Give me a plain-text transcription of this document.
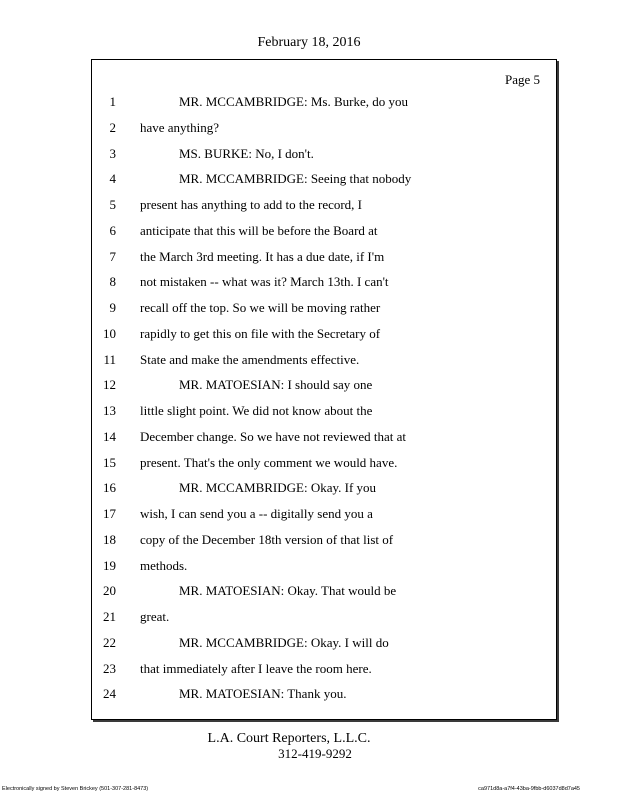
February 18, 2016
Page 5
1	MR. MCCAMBRIDGE: Ms. Burke, do you
2 have anything?
3	MS. BURKE: No, I don't.
4	MR. MCCAMBRIDGE: Seeing that nobody
5 present has anything to add to the record, I
6 anticipate that this will be before the Board at
7 the March 3rd meeting. It has a due date, if I'm
8 not mistaken -- what was it? March 13th. I can't
9 recall off the top. So we will be moving rather
10 rapidly to get this on file with the Secretary of
11 State and make the amendments effective.
12	MR. MATOESIAN: I should say one
13 little slight point. We did not know about the
14 December change. So we have not reviewed that at
15 present. That's the only comment we would have.
16	MR. MCCAMBRIDGE: Okay. If you
17 wish, I can send you a -- digitally send you a
18 copy of the December 18th version of that list of
19 methods.
20	MR. MATOESIAN: Okay. That would be
21 great.
22	MR. MCCAMBRIDGE: Okay. I will do
23 that immediately after I leave the room here.
24	MR. MATOESIAN: Thank you.
L.A. Court Reporters, L.L.C.
312-419-9292
Electronically signed by Steven Brickey (501-307-281-8473)	ca971d8a-a7f4-43ba-9fbb-d6037d8d7a45
